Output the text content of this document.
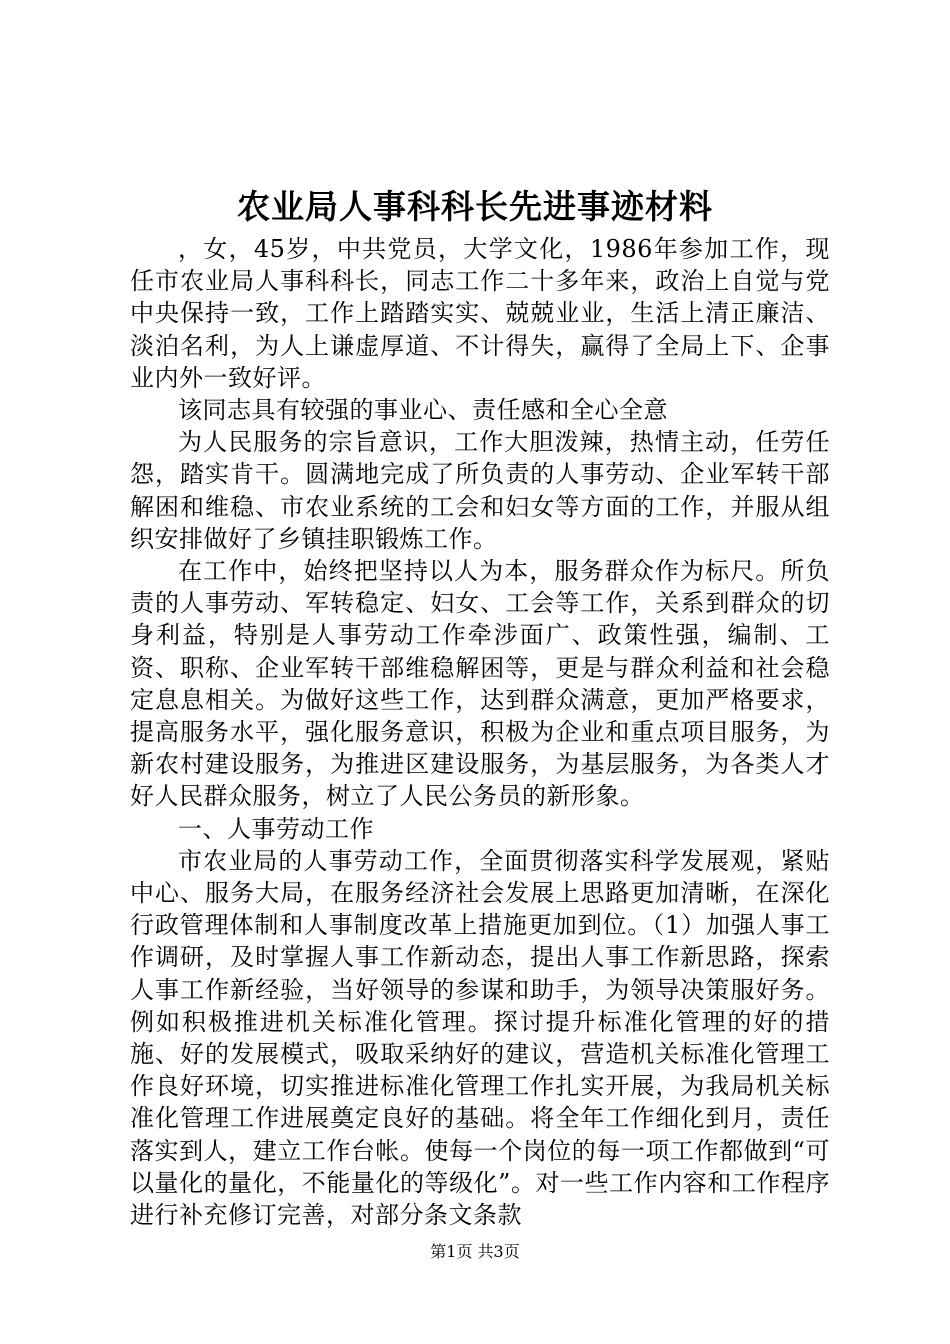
农业局人事科科长先进事迹材料

，女，45岁，中共党员，大学文化，1986年参加工作，现任市农业局人事科科长，同志工作二十多年来，政治上自觉与党中央保持一致，工作上踏踏实实、兢兢业业，生活上清正廉洁、淡泊名利，为人上谦虚厚道、不计得失，赢得了全局上下、企事业内外一致好评。

该同志具有较强的事业心、责任感和全心全意

为人民服务的宗旨意识，工作大胆泼辣，热情主动，任劳任怨，踏实肯干。圆满地完成了所负责的人事劳动、企业军转干部解困和维稳、市农业系统的工会和妇女等方面的工作，并服从组织安排做好了乡镇挂职锻炼工作。

在工作中，始终把坚持以人为本，服务群众作为标尺。所负责的人事劳动、军转稳定、妇女、工会等工作，关系到群众的切身利益，特别是人事劳动工作牵涉面广、政策性强，编制、工资、职称、企业军转干部维稳解困等，更是与群众利益和社会稳定息息相关。为做好这些工作，达到群众满意，更加严格要求，提高服务水平，强化服务意识，积极为企业和重点项目服务，为新农村建设服务，为推进区建设服务，为基层服务，为各类人才好人民群众服务，树立了人民公务员的新形象。

一、人事劳动工作

市农业局的人事劳动工作，全面贯彻落实科学发展观，紧贴中心、服务大局，在服务经济社会发展上思路更加清晰，在深化行政管理体制和人事制度改革上措施更加到位。（1）加强人事工作调研，及时掌握人事工作新动态，提出人事工作新思路，探索人事工作新经验，当好领导的参谋和助手，为领导决策服好务。例如积极推进机关标准化管理。探讨提升标准化管理的好的措施、好的发展模式，吸取采纳好的建议，营造机关标准化管理工作良好环境，切实推进标准化管理工作扎实开展，为我局机关标准化管理工作进展奠定良好的基础。将全年工作细化到月，责任落实到人，建立工作台帐。使每一个岗位的每一项工作都做到“可以量化的量化，不能量化的等级化”。对一些工作内容和工作程序进行补充修订完善，对部分条文条款

第1页 共3页
